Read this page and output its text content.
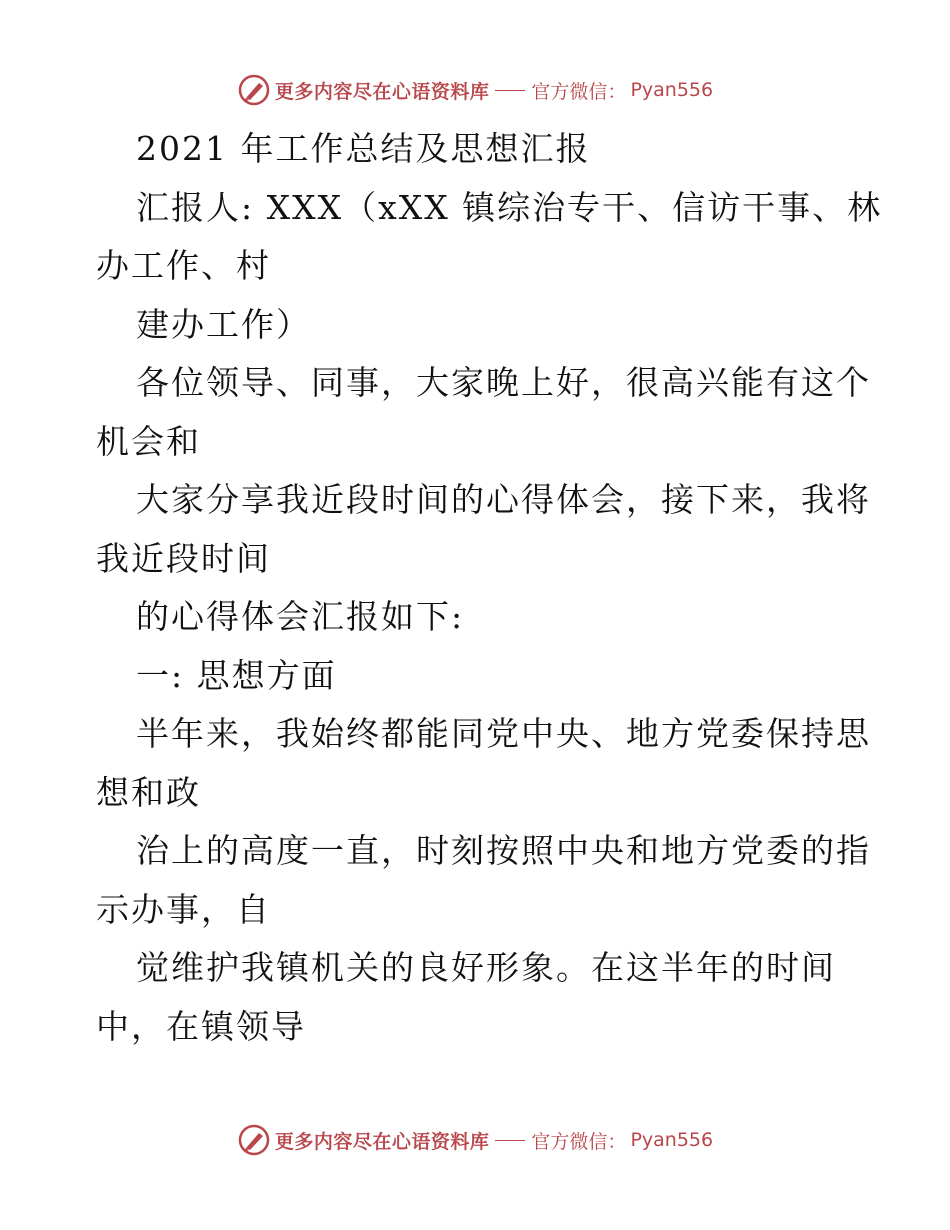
更多内容尽在心语资料库 官方微信： Pyan556
2021 年工作总结及思想汇报
汇报人: XXX（xXX 镇综治专干、信访干事、林
办工作、村
建办工作）
各位领导、同事，大家晚上好，很高兴能有这个
机会和
大家分享我近段时间的心得体会，接下来，我将
我近段时间
的心得体会汇报如下:
一: 思想方面
半年来，我始终都能同党中央、地方党委保持思
想和政
治上的高度一直，时刻按照中央和地方党委的指
示办事，自
觉维护我镇机关的良好形象。在这半年的时间
中，在镇领导
更多内容尽在心语资料库 官方微信： Pyan556
